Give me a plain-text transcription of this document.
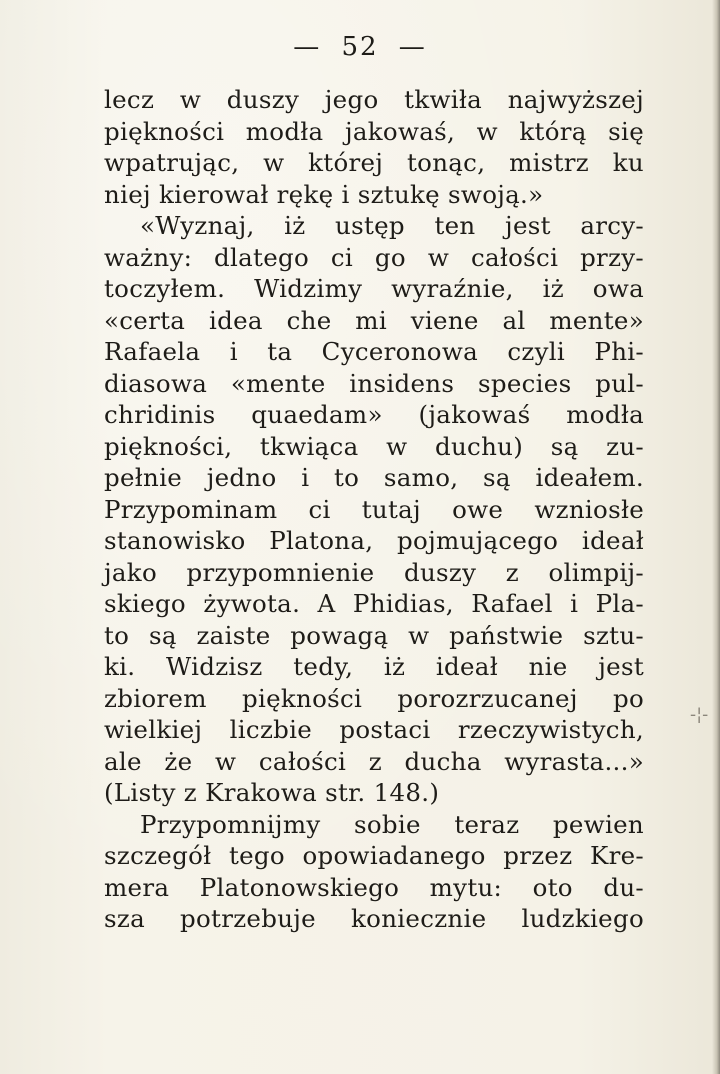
— 52 —
lecz w duszy jego tkwiła najwyższej
piękności modła jakowaś, w którą się
wpatrując, w której tonąc, mistrz ku
niej kierował rękę i sztukę swoją.»
«Wyznaj, iż ustęp ten jest arcy-
ważny: dlatego ci go w całości przy-
toczyłem. Widzimy wyraźnie, iż owa
«certa idea che mi viene al mente»
Rafaela i ta Cyceronowa czyli Phi-
diasowa «mente insidens species pul-
chridinis quaedam» (jakowaś modła
piękności, tkwiąca w duchu) są zu-
pełnie jedno i to samo, są ideałem.
Przypominam ci tutaj owe wzniosłe
stanowisko Platona, pojmującego ideał
jako przypomnienie duszy z olimpij-
skiego żywota. A Phidias, Rafael i Pla-
to są zaiste powagą w państwie sztu-
ki. Widzisz tedy, iż ideał nie jest
zbiorem piękności porozrzucanej po
wielkiej liczbie postaci rzeczywistych,
ale że w całości z ducha wyrasta...»
(Listy z Krakowa str. 148.)
Przypomnijmy sobie teraz pewien
szczegół tego opowiadanego przez Kre-
mera Platonowskiego mytu: oto du-
sza potrzebuje koniecznie ludzkiego
-¦-
